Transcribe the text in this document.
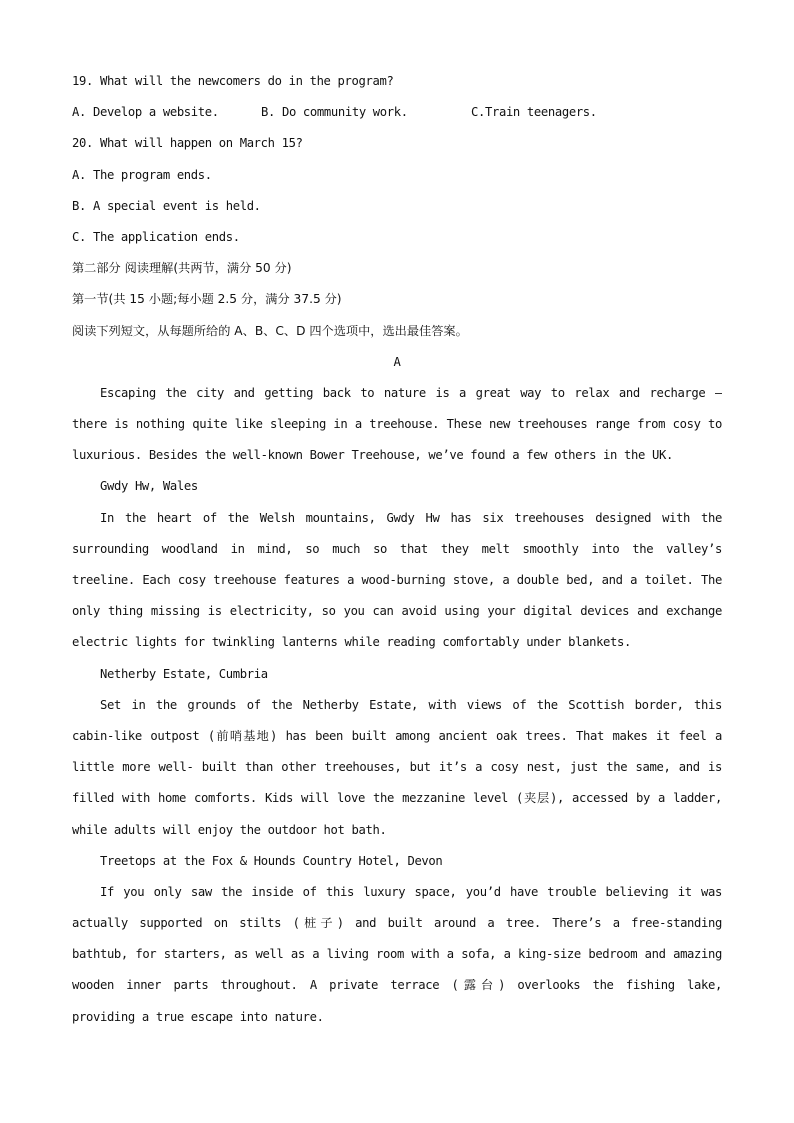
19. What will the newcomers do in the program?
A. Develop a website.	B. Do community work.	C.Train teenagers.
20. What will happen on March 15?
A. The program ends.
B. A special event is held.
C. The application ends.
第二部分 阅读理解(共两节，满分 50 分)
第一节(共 15 小题;每小题 2.5 分，满分 37.5 分)
阅读下列短文，从每题所给的 A、B、C、D 四个选项中，选出最佳答案。
A
Escaping the city and getting back to nature is a great way to relax and recharge —
there is nothing quite like sleeping in a treehouse. These new treehouses range from cosy to
luxurious. Besides the well-known Bower Treehouse, we’ve found a few others in the UK.
Gwdy Hw, Wales
In the heart of the Welsh mountains, Gwdy Hw has six treehouses designed with the
surrounding woodland in mind, so much so that they melt smoothly into the valley’s
treeline. Each cosy treehouse features a wood-burning stove, a double bed, and a toilet. The
only thing missing is electricity, so you can avoid using your digital devices and exchange
electric lights for twinkling lanterns while reading comfortably under blankets.
Netherby Estate, Cumbria
Set in the grounds of the Netherby Estate, with views of the Scottish border, this
cabin-like outpost (前哨基地) has been built among ancient oak trees. That makes it feel a
little more well- built than other treehouses, but it’s a cosy nest, just the same, and is
filled with home comforts. Kids will love the mezzanine level (夹层), accessed by a ladder,
while adults will enjoy the outdoor hot bath.
Treetops at the Fox & Hounds Country Hotel, Devon
If you only saw the inside of this luxury space, you’d have trouble believing it was
actually supported on stilts (桩子) and built around a tree. There’s a free-standing
bathtub, for starters, as well as a living room with a sofa, a king-size bedroom and amazing
wooden inner parts throughout. A private terrace (露台) overlooks the fishing lake,
providing a true escape into nature.
